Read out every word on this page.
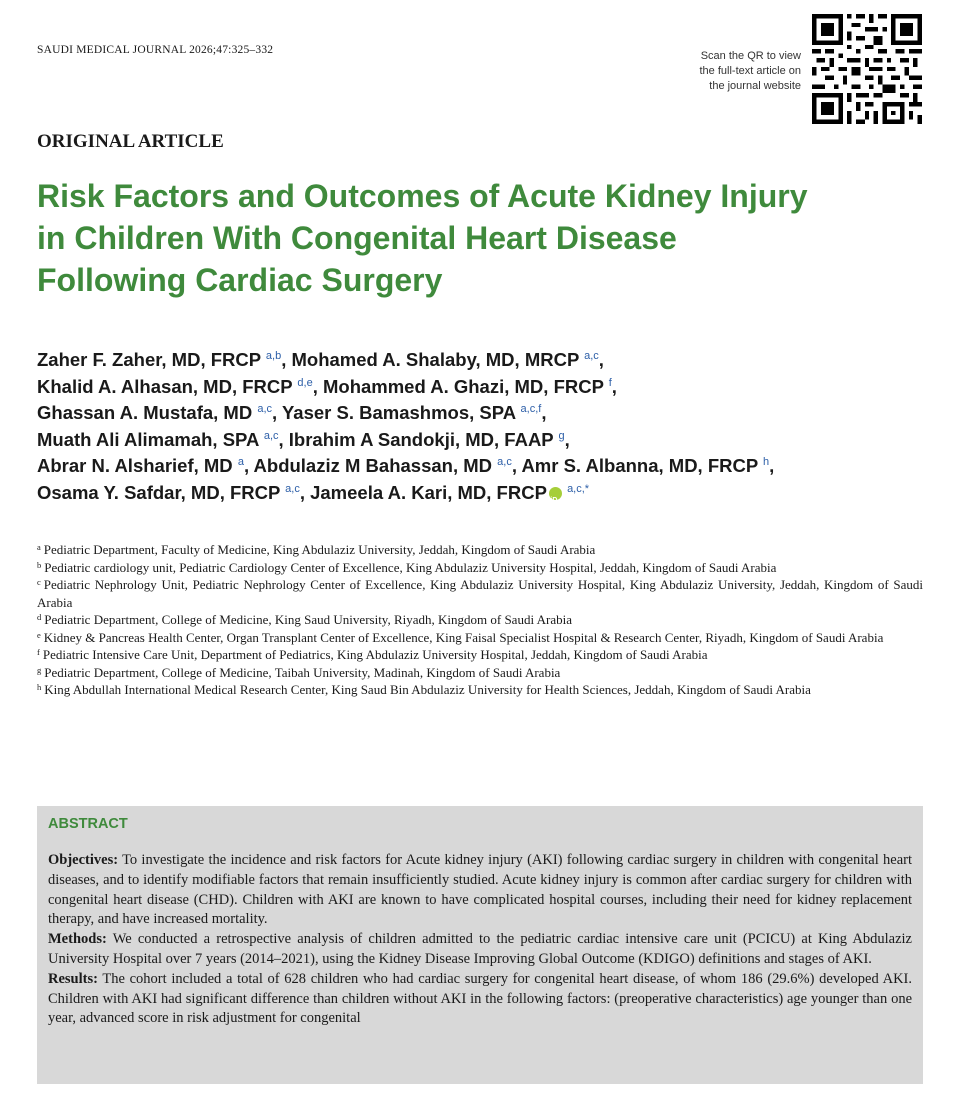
SAUDI MEDICAL JOURNAL 2026;47:325–332	Scan the QR to view
the full-text article on
the journal website
ORIGINAL ARTICLE
Risk Factors and Outcomes of Acute Kidney Injury
in Children With Congenital Heart Disease
Following Cardiac Surgery
Zaher F. Zaher, MD, FRCP $^{a,b}$, Mohamed A. Shalaby, MD, MRCP $^{a,c}$,
Khalid A. Alhasan, MD, FRCP $^{d,e}$, Mohammed A. Ghazi, MD, FRCP $^f$,
Ghassan A. Mustafa, MD $^{a,c}$, Yaser S. Bamashmos, SPA $^{a,c,f}$,
Muath Ali Alimamah, SPA $^{a,c}$, Ibrahim A Sandokji, MD, FAAP $^g$,
Abrar N. Alsharief, MD $^a$, Abdulaziz M Bahassan, MD $^{a,c}$, Amr S. Albanna, MD, FRCP $^h$,
Osama Y. Safdar, MD, FRCP $^{a,c}$, Jameela A. Kari, MD, FRCPiD $^{a,c,*}$

$^a$ Pediatric Department, Faculty of Medicine, King Abdulaziz University, Jeddah, Kingdom of Saudi Arabia

$^b$ Pediatric cardiology unit, Pediatric Cardiology Center of Excellence, King Abdulaziz University Hospital, Jeddah, Kingdom of Saudi Arabia

$^c$ Pediatric Nephrology Unit, Pediatric Nephrology Center of Excellence, King Abdulaziz University Hospital, King Abdulaziz University, Jeddah, Kingdom of Saudi Arabia

$^d$ Pediatric Department, College of Medicine, King Saud University, Riyadh, Kingdom of Saudi Arabia

$^e$ Kidney & Pancreas Health Center, Organ Transplant Center of Excellence, King Faisal Specialist Hospital & Research Center, Riyadh, Kingdom of Saudi Arabia

$^f$ Pediatric Intensive Care Unit, Department of Pediatrics, King Abdulaziz University Hospital, Jeddah, Kingdom of Saudi Arabia

$^g$ Pediatric Department, College of Medicine, Taibah University, Madinah, Kingdom of Saudi Arabia

$^h$ King Abdullah International Medical Research Center, King Saud Bin Abdulaziz University for Health Sciences, Jeddah, Kingdom of Saudi Arabia

ABSTRACT

Objectives: To investigate the incidence and risk factors for Acute kidney injury (AKI) following cardiac surgery in children with congenital heart diseases, and to identify modifiable factors that remain insufficiently studied. Acute kidney injury is common after cardiac surgery for children with congenital heart disease (CHD). Children with AKI are known to have complicated hospital courses, including their need for kidney replacement therapy, and have increased mortality.

Methods: We conducted a retrospective analysis of children admitted to the pediatric cardiac intensive care unit (PCICU) at King Abdulaziz University Hospital over 7 years (2014–2021), using the Kidney Disease Improving Global Outcome (KDIGO) definitions and stages of AKI.

Results: The cohort included a total of 628 children who had cardiac surgery for congenital heart disease, of whom 186 (29.6%) developed AKI. Children with AKI had significant difference than children without AKI in the following factors: (preoperative characteristics) age younger than one year, advanced score in risk adjustment for congenital
